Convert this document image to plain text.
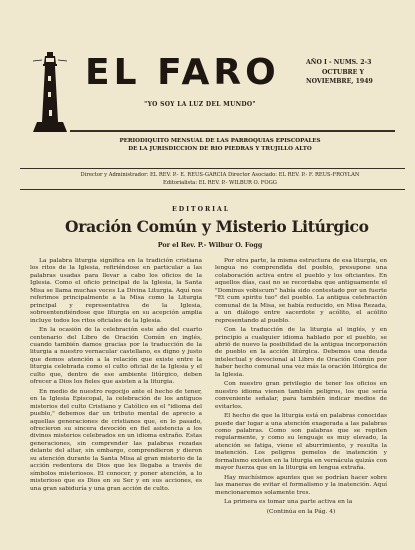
EL FARO
"YO SOY LA LUZ DEL MUNDO"
AÑO I - NUMS. 2-3
OCTUBRE Y
NOVIEMBRE, 1949
PERIODIQUITO MENSUAL DE LAS PARROQUIAS EPISCOPALES
DE LA JURISDICCION DE RIO PIEDRAS Y TRUJILLO ALTO
Director y Administrador: EL REV. P.- E. REUS-GARCIA Director Asociado: EL REV. P.- F. REUS-FROYLAN
Editorialista: EL REV. P.- WILBUR O. FOGG
EDITORIAL
Oración Común y Misterio Litúrgico
Por el Rev. P.- Wilbur O. Fogg

La palabra liturgia significa en la tradición cristiana los ritos de la Iglesia, refiriéndose en particular a las palabras usadas para llevar a cabo los oficios de la Iglesia. Como el oficio principal de la Iglesia, la Santa Misa se llama muchas veces La Divina Liturgia. Aquí nos referimos principalmente a la Misa como la Liturgia principal y representativa de la Iglesia, sobreentendiéndose que liturgia en su acepción amplia incluye todos los ritos oficiales de la Iglesia.

En la ocasión de la celebración este año del cuarto centenario del Libro de Oración Común en inglés, cuando también damos gracias por la traducción de la liturgia a nuestro vernacular castellano, es digno y justo que demos atención a la relación que existe entre la liturgia celebrada como el culto oficial de la Iglesia y el culto que, dentro de ese ambiente litúrgico, deben ofrecer a Dios los fieles que asisten a la liturgia.

En medio de nuestro regocijo ante el hecho de tener, en la Iglesia Episcopal, la celebración de los antiguos misterios del culto Cristiano y Católico en el "idioma del pueblo," debemos dar un tributo mental de aprecio a aquellas generaciones de cristianos que, en lo pasado, ofrecieron su sincera devoción en fiel asistencia a los divinos misterios celebrados en un idioma extraño. Estas generaciones, sin comprender las palabras rezadas delante del altar, sin embargo, comprendieron y dieron su atención durante la Santa Misa al gran misterio de la acción redentora de Dios que les llegaba a través de símbolos misteriosos. El conocer, y poner atención, a lo misterioso que es Dios en su Ser y en sus acciones, es una gran sabiduría y una gran acción de culto.

Por otra parte, la misma estructura de esa liturgia, en lengua no comprendida del pueblo, presupone una colaboración activa entre el pueblo y los oficiantes. En aquellos días, casi no se recordaba que antiguamente el "Dominus vobiscum" había sido contestado por un fuerte "Et cum spiritu tuo" del pueblo. La antigua celebración comunal de la Misa, se había reducido, en Misa Rezada, a un diálogo entre sacerdote y acólito, el acólito representando al pueblo.

Con la traducción de la liturgia al inglés, y en principio a cualquier idioma hablado por el pueblo, se abrió de nuevo la posibilidad de la antigua incorporación de pueblo en la acción litúrgica. Debemos una deuda intelectual y devocional al Libro de Oración Común por haber hecho comunal una vez más la oración litúrgica de la Iglesia.

Con nuestro gran privilegio de tener los oficios en nuestro idioma vienen también peligros, los que sería conveniente señalar, para también indicar medios de evitarlos.

El hecho de que la liturgia está en palabras conocidas puede dar lugar a una atención exagerada a las palabras como palabras. Como son palabras que se repiten regularmente, y como su lenguaje es muy elevado, la atención se fatiga, viene el aburrimiento, y resulta la inatención. Los peligros gemelos de inatención y formalismo existen en la liturgia en vernácula quizás con mayor fuerza que en la liturgia en lengua extraña.

Hay muchísimos apuntes que se podrían hacer sobre las maneras de evitar el formalismo y la inatención. Aquí mencionaremos solamente tres.

La primera es tomar una parte activa en la

(Continúa en la Pág. 4)
